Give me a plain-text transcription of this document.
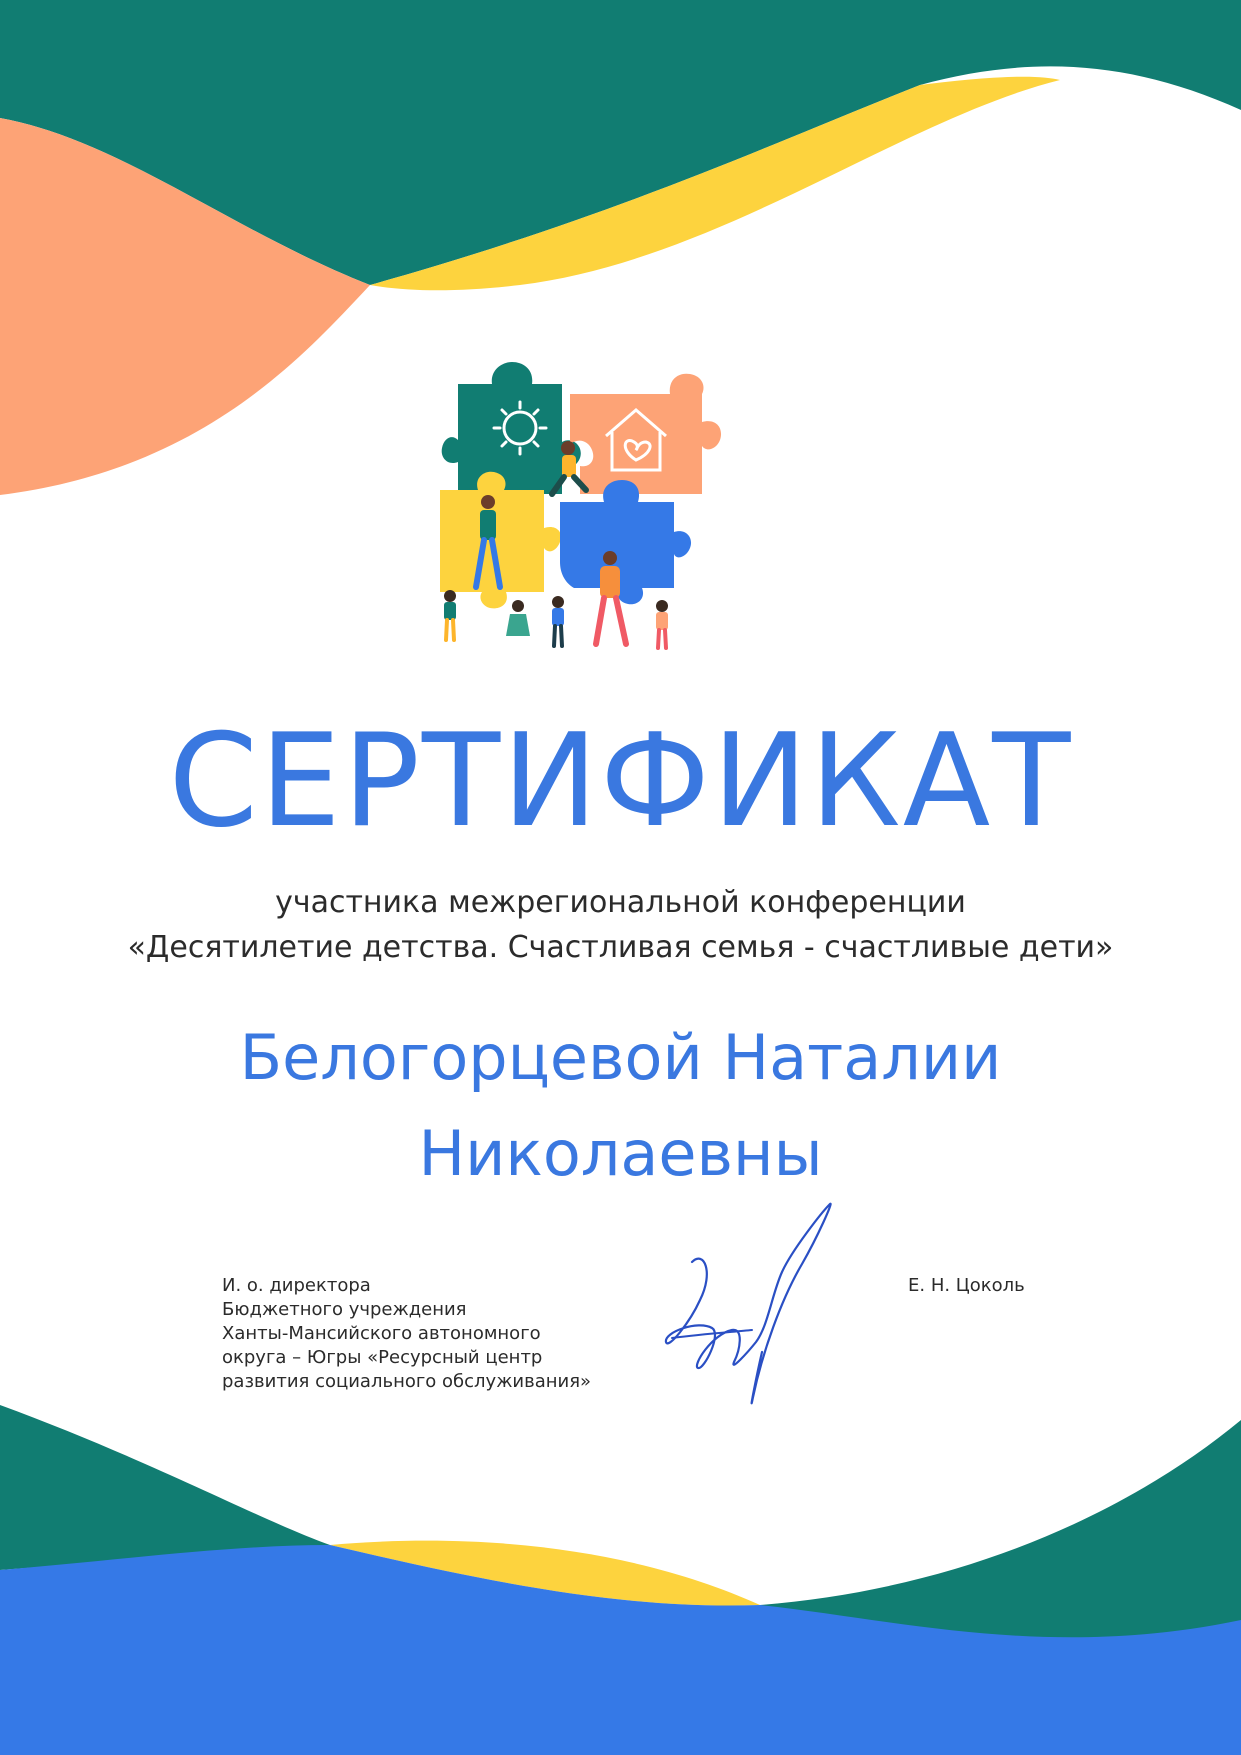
СЕРТИФИКАТ
участника межрегиональной конференции
«Десятилетие детства. Счастливая семья - счастливые дети»
Белогорцевой Наталии
Николаевны
И. о. директора
Бюджетного учреждения
Ханты-Мансийского автономного
округа – Югры «Ресурсный центр
развития социального обслуживания»
Е. Н. Цоколь
